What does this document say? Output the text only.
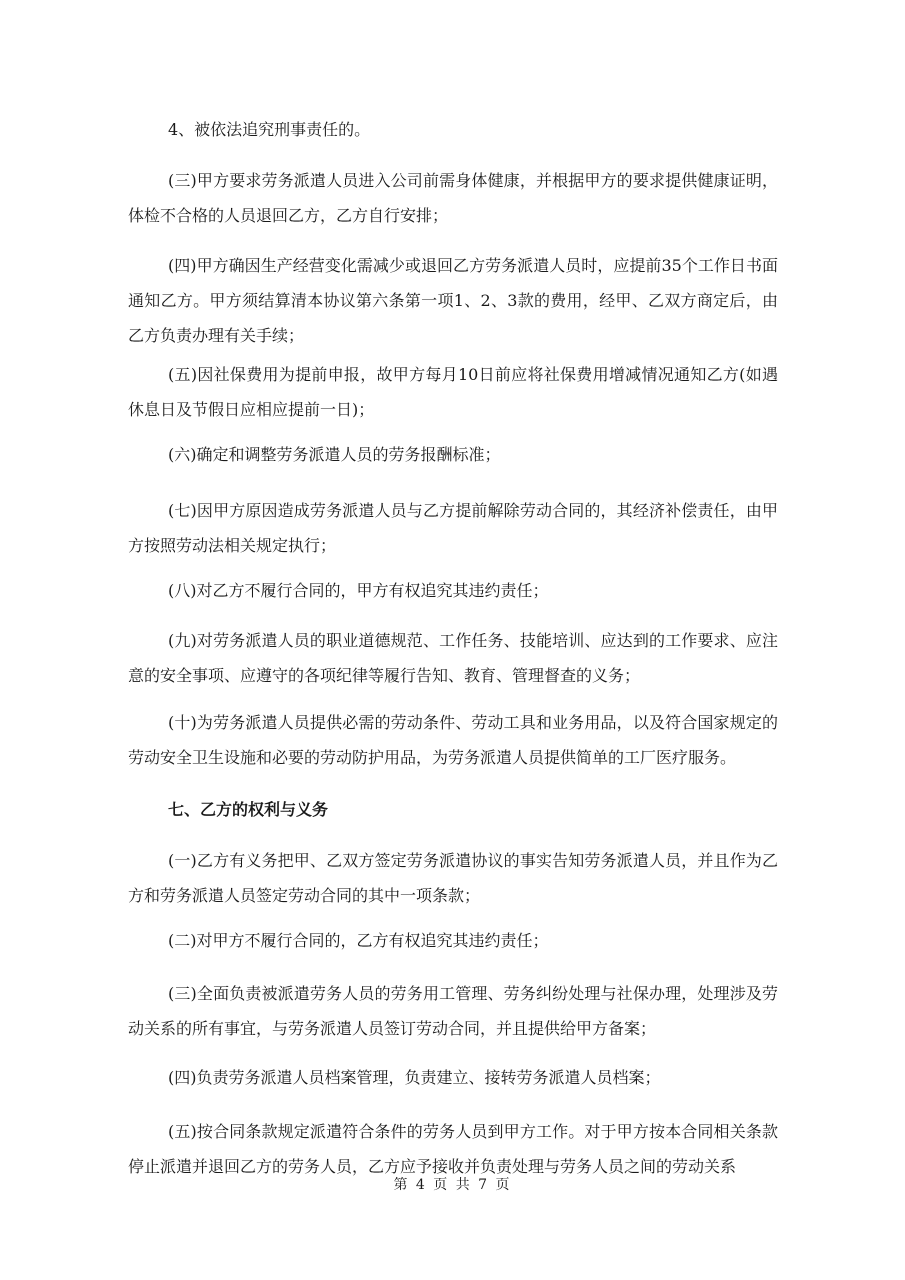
4、被依法追究刑事责任的。

(三)甲方要求劳务派遣人员进入公司前需身体健康，并根据甲方的要求提供健康证明，体检不合格的人员退回乙方，乙方自行安排；

(四)甲方确因生产经营变化需减少或退回乙方劳务派遣人员时，应提前35个工作日书面通知乙方。甲方须结算清本协议第六条第一项1、2、3款的费用，经甲、乙双方商定后，由乙方负责办理有关手续；

(五)因社保费用为提前申报，故甲方每月10日前应将社保费用增减情况通知乙方(如遇休息日及节假日应相应提前一日)；

(六)确定和调整劳务派遣人员的劳务报酬标准；

(七)因甲方原因造成劳务派遣人员与乙方提前解除劳动合同的，其经济补偿责任，由甲方按照劳动法相关规定执行；

(八)对乙方不履行合同的，甲方有权追究其违约责任；

(九)对劳务派遣人员的职业道德规范、工作任务、技能培训、应达到的工作要求、应注意的安全事项、应遵守的各项纪律等履行告知、教育、管理督查的义务；

(十)为劳务派遣人员提供必需的劳动条件、劳动工具和业务用品，以及符合国家规定的劳动安全卫生设施和必要的劳动防护用品，为劳务派遣人员提供简单的工厂医疗服务。

七、乙方的权利与义务

(一)乙方有义务把甲、乙双方签定劳务派遣协议的事实告知劳务派遣人员，并且作为乙方和劳务派遣人员签定劳动合同的其中一项条款；

(二)对甲方不履行合同的，乙方有权追究其违约责任；

(三)全面负责被派遣劳务人员的劳务用工管理、劳务纠纷处理与社保办理，处理涉及劳动关系的所有事宜，与劳务派遣人员签订劳动合同，并且提供给甲方备案；

(四)负责劳务派遣人员档案管理，负责建立、接转劳务派遣人员档案；

(五)按合同条款规定派遣符合条件的劳务人员到甲方工作。对于甲方按本合同相关条款停止派遣并退回乙方的劳务人员，乙方应予接收并负责处理与劳务人员之间的劳动关系

第 4 页 共 7 页
